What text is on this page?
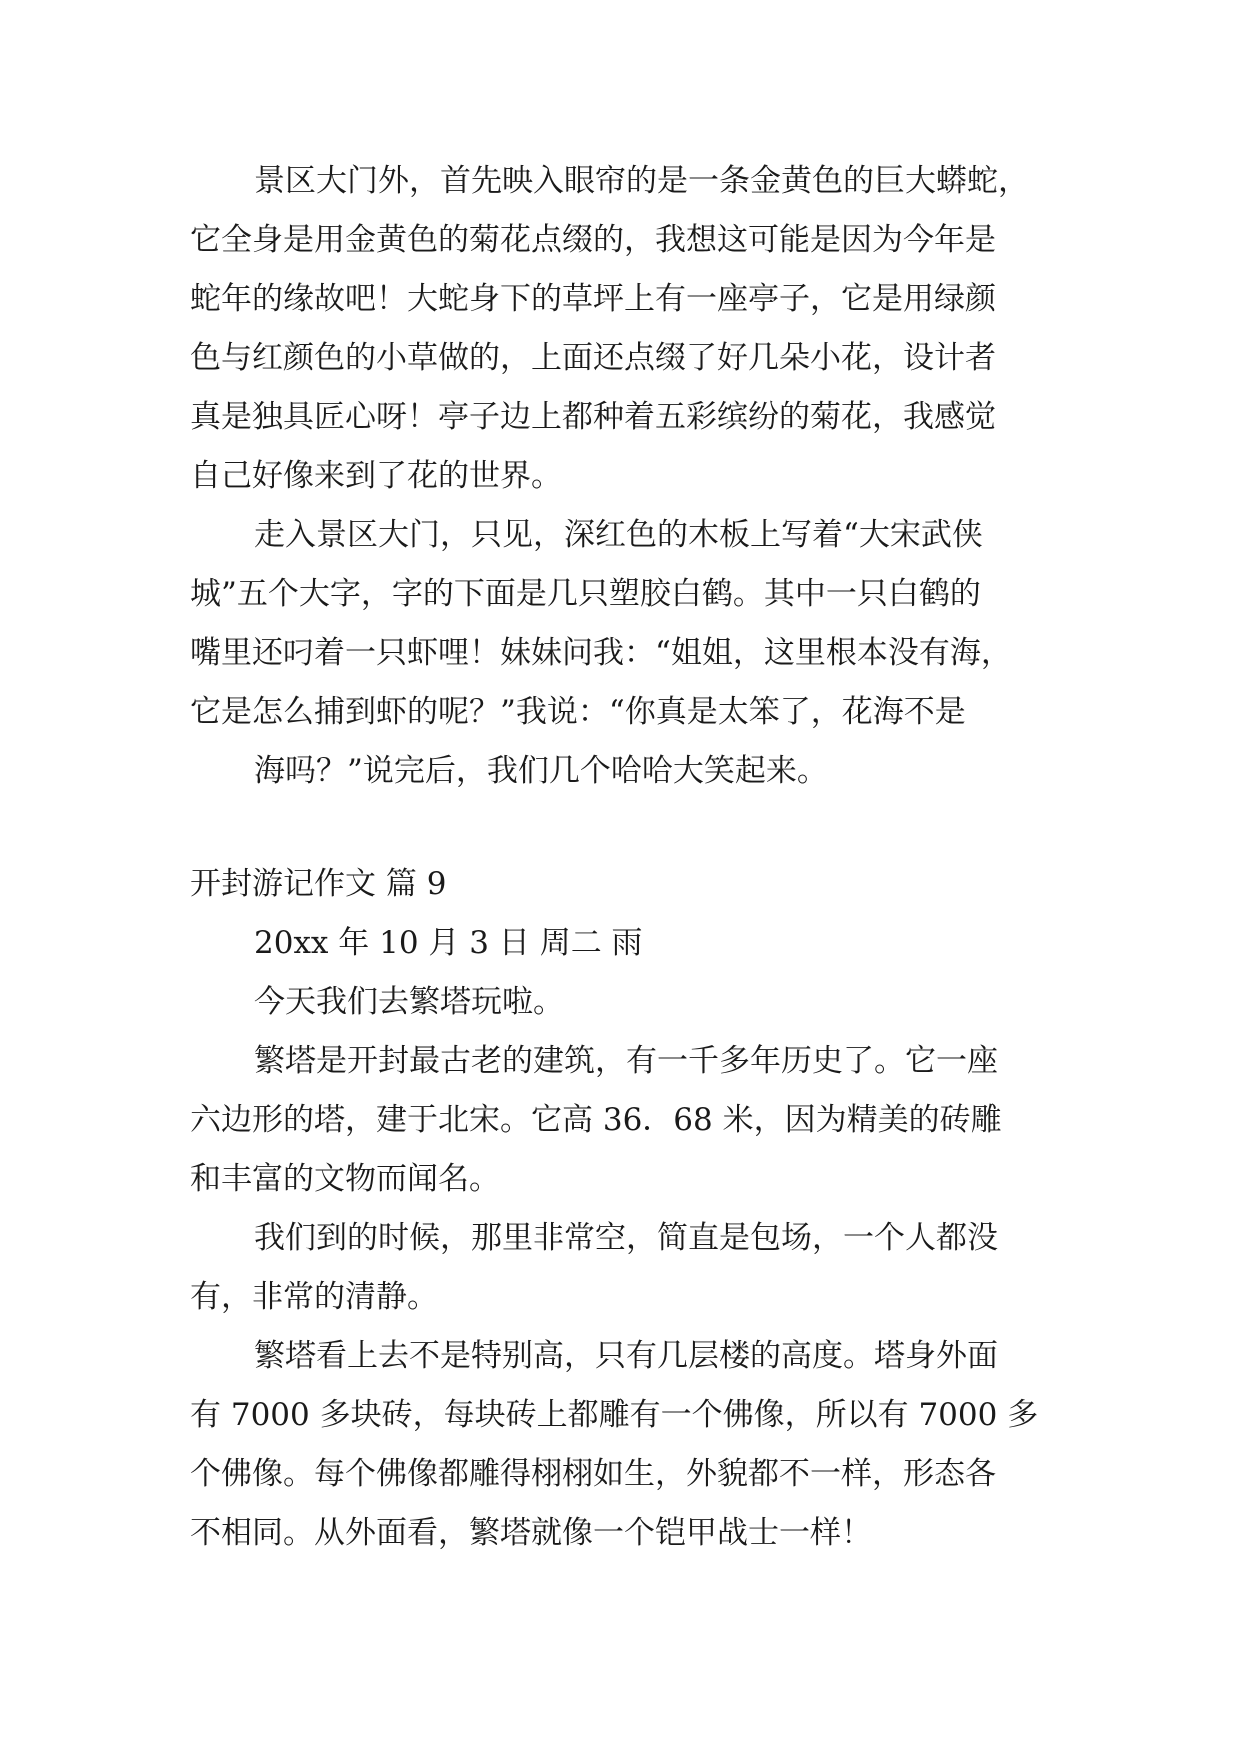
景区大门外，首先映入眼帘的是一条金黄色的巨大蟒蛇，
它全身是用金黄色的菊花点缀的，我想这可能是因为今年是
蛇年的缘故吧！大蛇身下的草坪上有一座亭子，它是用绿颜
色与红颜色的小草做的，上面还点缀了好几朵小花，设计者
真是独具匠心呀！亭子边上都种着五彩缤纷的菊花，我感觉
自己好像来到了花的世界。
走入景区大门，只见，深红色的木板上写着“大宋武侠
城”五个大字，字的下面是几只塑胶白鹤。其中一只白鹤的
嘴里还叼着一只虾哩！妹妹问我：“姐姐，这里根本没有海，
它是怎么捕到虾的呢？”我说：“你真是太笨了，花海不是
海吗？”说完后，我们几个哈哈大笑起来。
开封游记作文 篇 9
20xx 年 10 月 3 日 周二 雨
今天我们去繁塔玩啦。
繁塔是开封最古老的建筑，有一千多年历史了。它一座
六边形的塔，建于北宋。它高 36．68 米，因为精美的砖雕
和丰富的文物而闻名。
我们到的时候，那里非常空，简直是包场，一个人都没
有，非常的清静。
繁塔看上去不是特别高，只有几层楼的高度。塔身外面
有 7000 多块砖，每块砖上都雕有一个佛像，所以有 7000 多
个佛像。每个佛像都雕得栩栩如生，外貌都不一样，形态各
不相同。从外面看，繁塔就像一个铠甲战士一样！
